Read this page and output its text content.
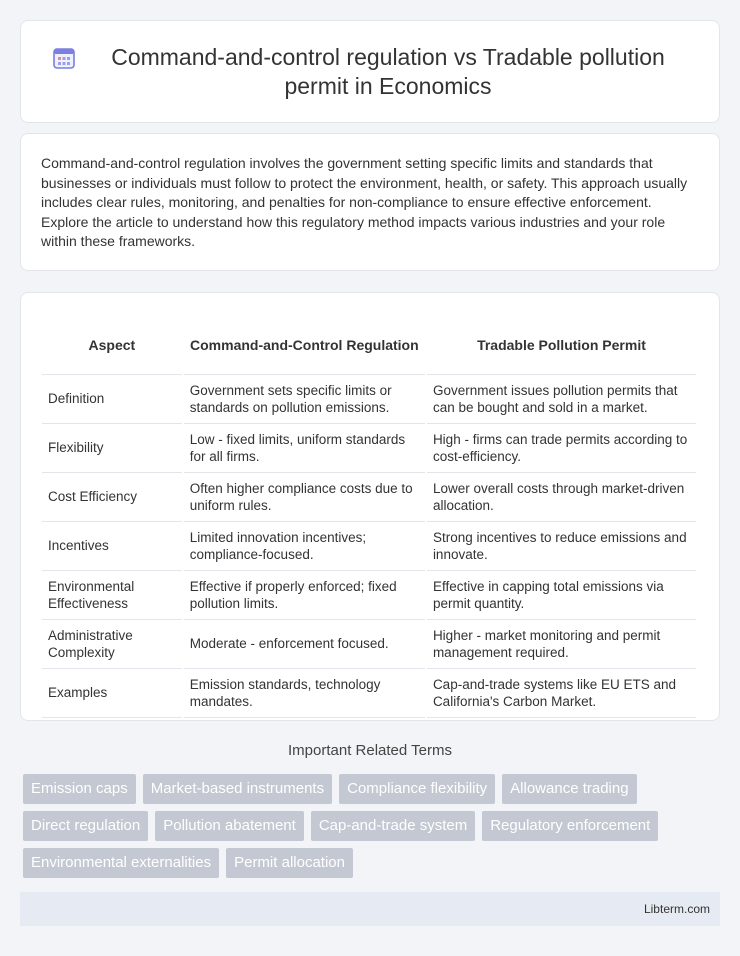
Command-and-control regulation vs Tradable pollution permit in Economics

Command-and-control regulation involves the government setting specific limits and standards that businesses or individuals must follow to protect the environment, health, or safety. This approach usually includes clear rules, monitoring, and penalties for non-compliance to ensure effective enforcement. Explore the article to understand how this regulatory method impacts various industries and your role within these frameworks.

Aspect	Command-and-Control Regulation	Tradable Pollution Permit
Definition	Government sets specific limits or standards on pollution emissions.	Government issues pollution permits that can be bought and sold in a market.
Flexibility	Low - fixed limits, uniform standards for all firms.	High - firms can trade permits according to cost-efficiency.
Cost Efficiency	Often higher compliance costs due to uniform rules.	Lower overall costs through market-driven allocation.
Incentives	Limited innovation incentives; compliance-focused.	Strong incentives to reduce emissions and innovate.
Environmental Effectiveness	Effective if properly enforced; fixed pollution limits.	Effective in capping total emissions via permit quantity.
Administrative Complexity	Moderate - enforcement focused.	Higher - market monitoring and permit management required.
Examples	Emission standards, technology mandates.	Cap-and-trade systems like EU ETS and California's Carbon Market.
Important Related Terms
Emission caps	Market-based instruments	Compliance flexibility	Allowance trading
Direct regulation	Pollution abatement	Cap-and-trade system	Regulatory enforcement
Environmental externalities	Permit allocation
Libterm.com
